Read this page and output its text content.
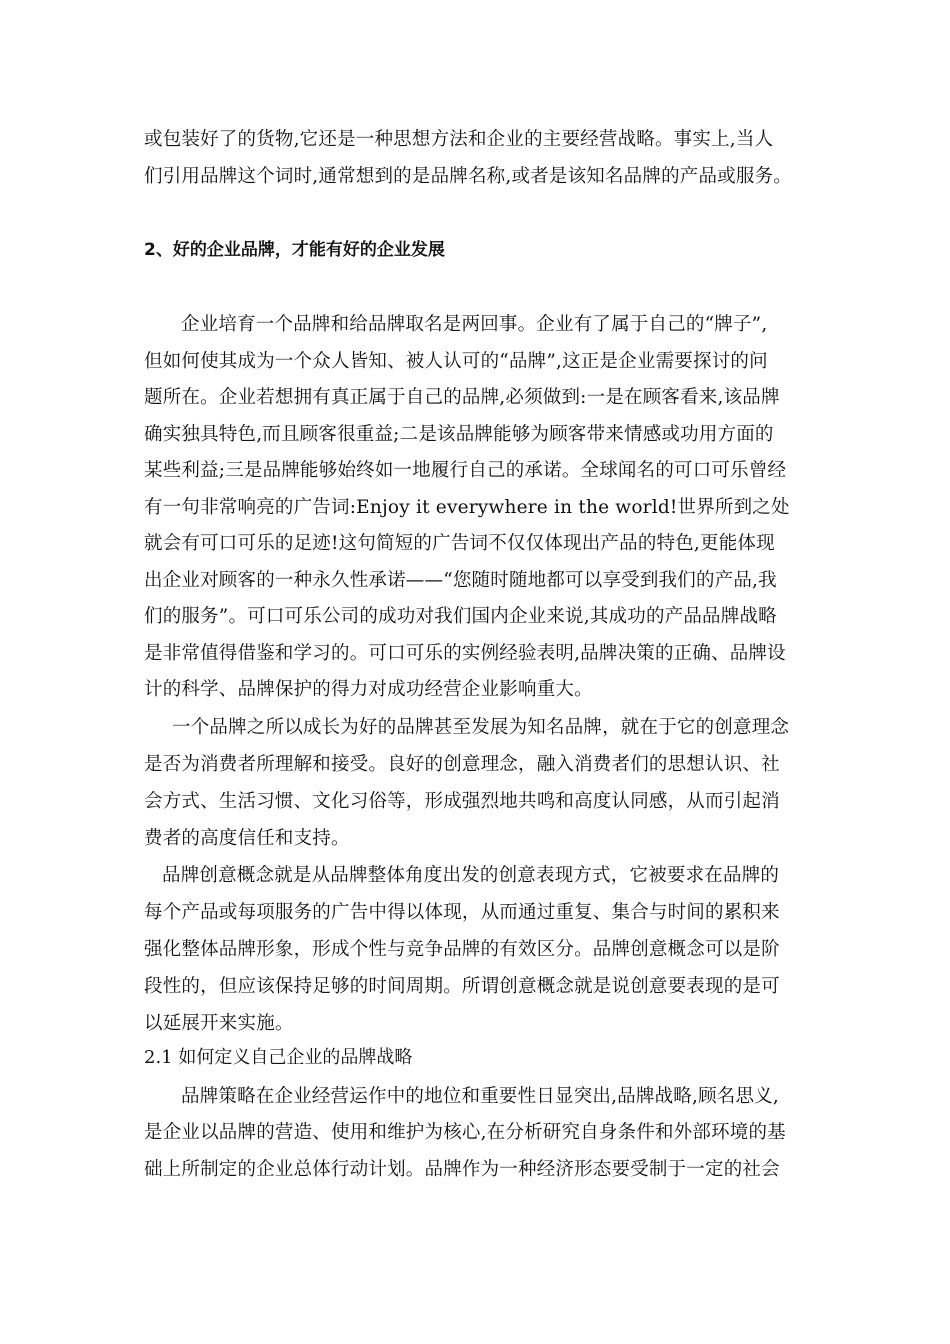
或包装好了的货物,它还是一种思想方法和企业的主要经营战略。事实上,当人
们引用品牌这个词时,通常想到的是品牌名称,或者是该知名品牌的产品或服务。
2、好的企业品牌，才能有好的企业发展
企业培育一个品牌和给品牌取名是两回事。企业有了属于自己的“牌子”,
但如何使其成为一个众人皆知、被人认可的“品牌”,这正是企业需要探讨的问
题所在。企业若想拥有真正属于自己的品牌,必须做到:一是在顾客看来,该品牌
确实独具特色,而且顾客很重益;二是该品牌能够为顾客带来情感或功用方面的
某些利益;三是品牌能够始终如一地履行自己的承诺。全球闻名的可口可乐曾经
有一句非常响亮的广告词:Enjoy it everywhere in the world!世界所到之处
就会有可口可乐的足迹!这句简短的广告词不仅仅体现出产品的特色,更能体现
出企业对顾客的一种永久性承诺——“您随时随地都可以享受到我们的产品,我
们的服务”。可口可乐公司的成功对我们国内企业来说,其成功的产品品牌战略
是非常值得借鉴和学习的。可口可乐的实例经验表明,品牌决策的正确、品牌设
计的科学、品牌保护的得力对成功经营企业影响重大。
一个品牌之所以成长为好的品牌甚至发展为知名品牌，就在于它的创意理念
是否为消费者所理解和接受。良好的创意理念，融入消费者们的思想认识、社
会方式、生活习惯、文化习俗等，形成强烈地共鸣和高度认同感，从而引起消
费者的高度信任和支持。
品牌创意概念就是从品牌整体角度出发的创意表现方式，它被要求在品牌的
每个产品或每项服务的广告中得以体现，从而通过重复、集合与时间的累积来
强化整体品牌形象，形成个性与竞争品牌的有效区分。品牌创意概念可以是阶
段性的，但应该保持足够的时间周期。所谓创意概念就是说创意要表现的是可
以延展开来实施。
2.1 如何定义自己企业的品牌战略
品牌策略在企业经营运作中的地位和重要性日显突出,品牌战略,顾名思义,
是企业以品牌的营造、使用和维护为核心,在分析研究自身条件和外部环境的基
础上所制定的企业总体行动计划。品牌作为一种经济形态要受制于一定的社会
